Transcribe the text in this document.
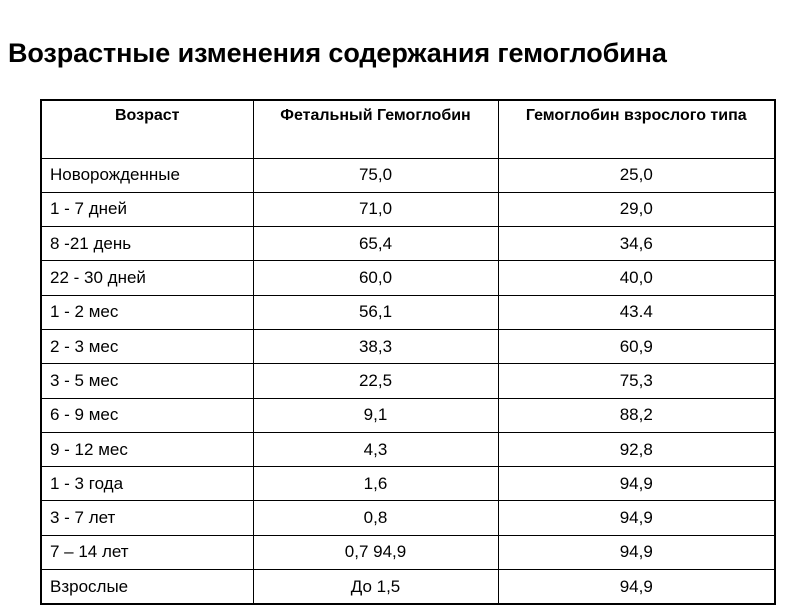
Возрастные изменения содержания гемоглобина
Возраст	Фетальный Гемоглобин	Гемоглобин взрослого типа
Новорожденные	75,0	25,0
1 - 7 дней	71,0	29,0
8 -21 день	65,4	34,6
22 - 30 дней	60,0	40,0
1 - 2 мес	56,1	43.4
2 - 3 мес	38,3	60,9
3 - 5 мес	22,5	75,3
6 - 9 мес	9,1	88,2
9 - 12 мес	4,3	92,8
1 - 3 года	1,6	94,9
3 - 7 лет	0,8	94,9
7 – 14 лет	0,7 94,9	94,9
Взрослые	До 1,5	94,9
